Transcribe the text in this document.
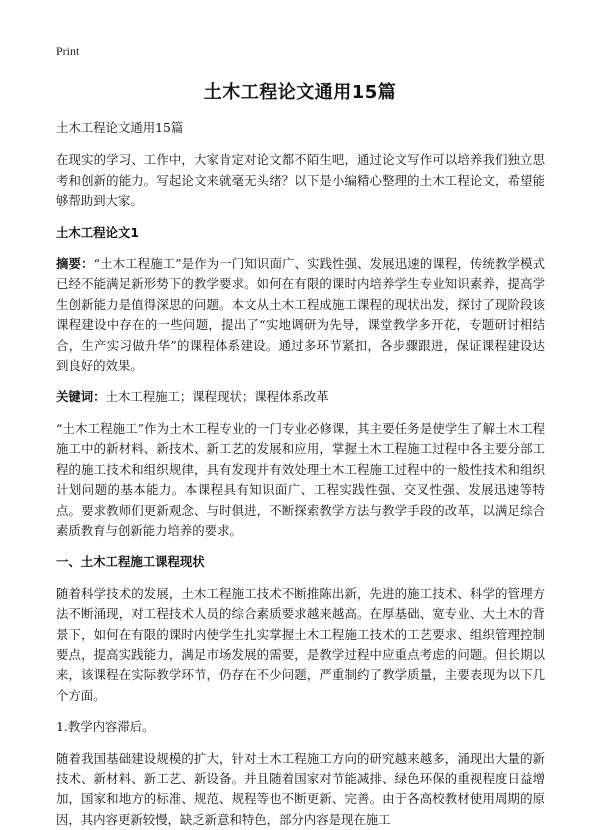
Print
土木工程论文通用15篇

土木工程论文通用15篇

在现实的学习、工作中，大家肯定对论文都不陌生吧，通过论文写作可以培养我们独立思考和创新的能力。写起论文来就毫无头绪？以下是小编精心整理的土木工程论文，希望能够帮助到大家。

土木工程论文1

摘要：“土木工程施工”是作为一门知识面广、实践性强、发展迅速的课程，传统教学模式已经不能满足新形势下的教学要求。如何在有限的课时内培养学生专业知识素养，提高学生创新能力是值得深思的问题。本文从土木工程成施工课程的现状出发，探讨了现阶段该课程建设中存在的一些问题，提出了“实地调研为先导，课堂教学多开花，专题研讨相结合，生产实习做升华”的课程体系建设。通过多环节紧扣，各步骤跟进，保证课程建设达到良好的效果。

关键词：土木工程施工；课程现状；课程体系改革

“土木工程施工”作为土木工程专业的一门专业必修课，其主要任务是使学生了解土木工程施工中的新材料、新技术、新工艺的发展和应用，掌握土木工程施工过程中各主要分部工程的施工技术和组织规律，具有发现并有效处理土木工程施工过程中的一般性技术和组织计划问题的基本能力。本课程具有知识面广、工程实践性强、交叉性强、发展迅速等特点。要求教师们更新观念、与时俱进，不断探索教学方法与教学手段的改革，以满足综合素质教育与创新能力培养的要求。

一、土木工程施工课程现状

随着科学技术的发展，土木工程施工技术不断推陈出新，先进的施工技术、科学的管理方法不断涌现，对工程技术人员的综合素质要求越来越高。在厚基础、宽专业、大土木的背景下，如何在有限的课时内使学生扎实掌握土木工程施工技术的工艺要求、组织管理控制要点，提高实践能力，满足市场发展的需要，是教学过程中应重点考虑的问题。但长期以来，该课程在实际教学环节，仍存在不少问题，严重制约了教学质量，主要表现为以下几个方面。

1.教学内容滞后。

随着我国基础建设规模的扩大，针对土木工程施工方向的研究越来越多，涌现出大量的新技术、新材料、新工艺、新设备。并且随着国家对节能减排、绿色环保的重视程度日益增加，国家和地方的标准、规范、规程等也不断更新、完善。由于各高校教材使用周期的原因，其内容更新较慢，缺乏新意和特色，部分内容是现在施工
